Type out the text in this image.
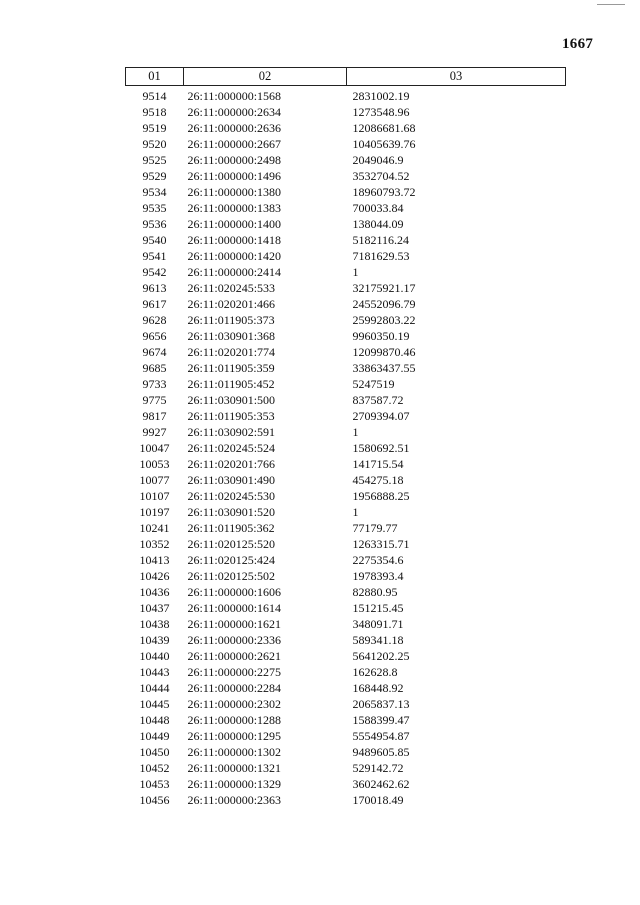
1667
01	02	03
9514	26:11:000000:1568	2831002.19
9518	26:11:000000:2634	1273548.96
9519	26:11:000000:2636	12086681.68
9520	26:11:000000:2667	10405639.76
9525	26:11:000000:2498	2049046.9
9529	26:11:000000:1496	3532704.52
9534	26:11:000000:1380	18960793.72
9535	26:11:000000:1383	700033.84
9536	26:11:000000:1400	138044.09
9540	26:11:000000:1418	5182116.24
9541	26:11:000000:1420	7181629.53
9542	26:11:000000:2414	1
9613	26:11:020245:533	32175921.17
9617	26:11:020201:466	24552096.79
9628	26:11:011905:373	25992803.22
9656	26:11:030901:368	9960350.19
9674	26:11:020201:774	12099870.46
9685	26:11:011905:359	33863437.55
9733	26:11:011905:452	5247519
9775	26:11:030901:500	837587.72
9817	26:11:011905:353	2709394.07
9927	26:11:030902:591	1
10047	26:11:020245:524	1580692.51
10053	26:11:020201:766	141715.54
10077	26:11:030901:490	454275.18
10107	26:11:020245:530	1956888.25
10197	26:11:030901:520	1
10241	26:11:011905:362	77179.77
10352	26:11:020125:520	1263315.71
10413	26:11:020125:424	2275354.6
10426	26:11:020125:502	1978393.4
10436	26:11:000000:1606	82880.95
10437	26:11:000000:1614	151215.45
10438	26:11:000000:1621	348091.71
10439	26:11:000000:2336	589341.18
10440	26:11:000000:2621	5641202.25
10443	26:11:000000:2275	162628.8
10444	26:11:000000:2284	168448.92
10445	26:11:000000:2302	2065837.13
10448	26:11:000000:1288	1588399.47
10449	26:11:000000:1295	5554954.87
10450	26:11:000000:1302	9489605.85
10452	26:11:000000:1321	529142.72
10453	26:11:000000:1329	3602462.62
10456	26:11:000000:2363	170018.49
